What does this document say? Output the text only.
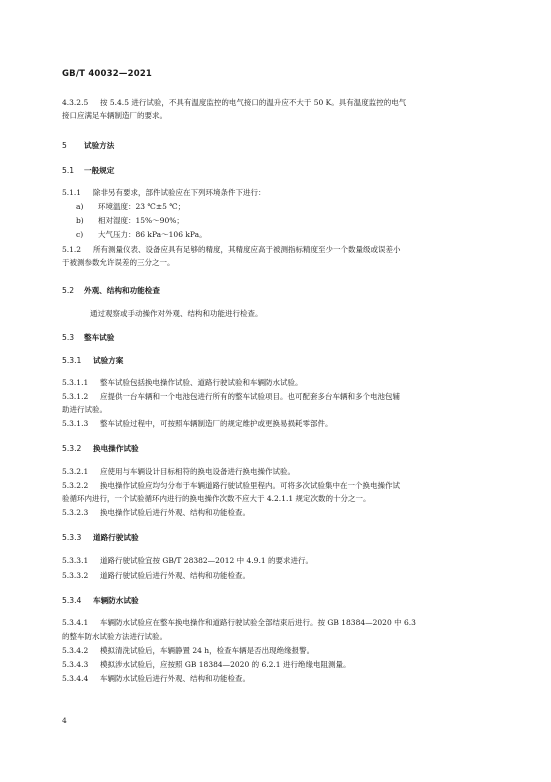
GB/T 40032—2021
4.3.2.5 按 5.4.5 进行试验，不具有温度监控的电气接口的温升应不大于 50 K。具有温度监控的电气
接口应满足车辆制造厂的要求。
5 试验方法
5.1 一般规定
5.1.1 除非另有要求，部件试验应在下列环境条件下进行：
a) 环境温度：23 ℃±5 ℃；
b) 相对湿度：15%～90%；
c) 大气压力：86 kPa～106 kPa。
5.1.2 所有测量仪表、设备应具有足够的精度，其精度应高于被测指标精度至少一个数量级或误差小
于被测参数允许误差的三分之一。
5.2 外观、结构和功能检查
通过观察或手动操作对外观、结构和功能进行检查。
5.3 整车试验
5.3.1 试验方案
5.3.1.1 整车试验包括换电操作试验、道路行驶试验和车辆防水试验。
5.3.1.2 应提供一台车辆和一个电池包进行所有的整车试验项目。也可配套多台车辆和多个电池包辅
助进行试验。
5.3.1.3 整车试验过程中，可按照车辆制造厂的规定维护或更换易损耗零部件。
5.3.2 换电操作试验
5.3.2.1 应使用与车辆设计目标相符的换电设备进行换电操作试验。
5.3.2.2 换电操作试验应均匀分布于车辆道路行驶试验里程内。可将多次试验集中在一个换电操作试
验循环内进行，一个试验循环内进行的换电操作次数不应大于 4.2.1.1 规定次数的十分之一。
5.3.2.3 换电操作试验后进行外观、结构和功能检查。
5.3.3 道路行驶试验
5.3.3.1 道路行驶试验宜按 GB/T 28382—2012 中 4.9.1 的要求进行。
5.3.3.2 道路行驶试验后进行外观、结构和功能检查。
5.3.4 车辆防水试验
5.3.4.1 车辆防水试验应在整车换电操作和道路行驶试验全部结束后进行。按 GB 18384—2020 中 6.3
的整车防水试验方法进行试验。
5.3.4.2 模拟清洗试验后，车辆静置 24 h，检查车辆是否出现绝缘报警。
5.3.4.3 模拟涉水试验后，应按照 GB 18384—2020 的 6.2.1 进行绝缘电阻测量。
5.3.4.4 车辆防水试验后进行外观、结构和功能检查。
4
